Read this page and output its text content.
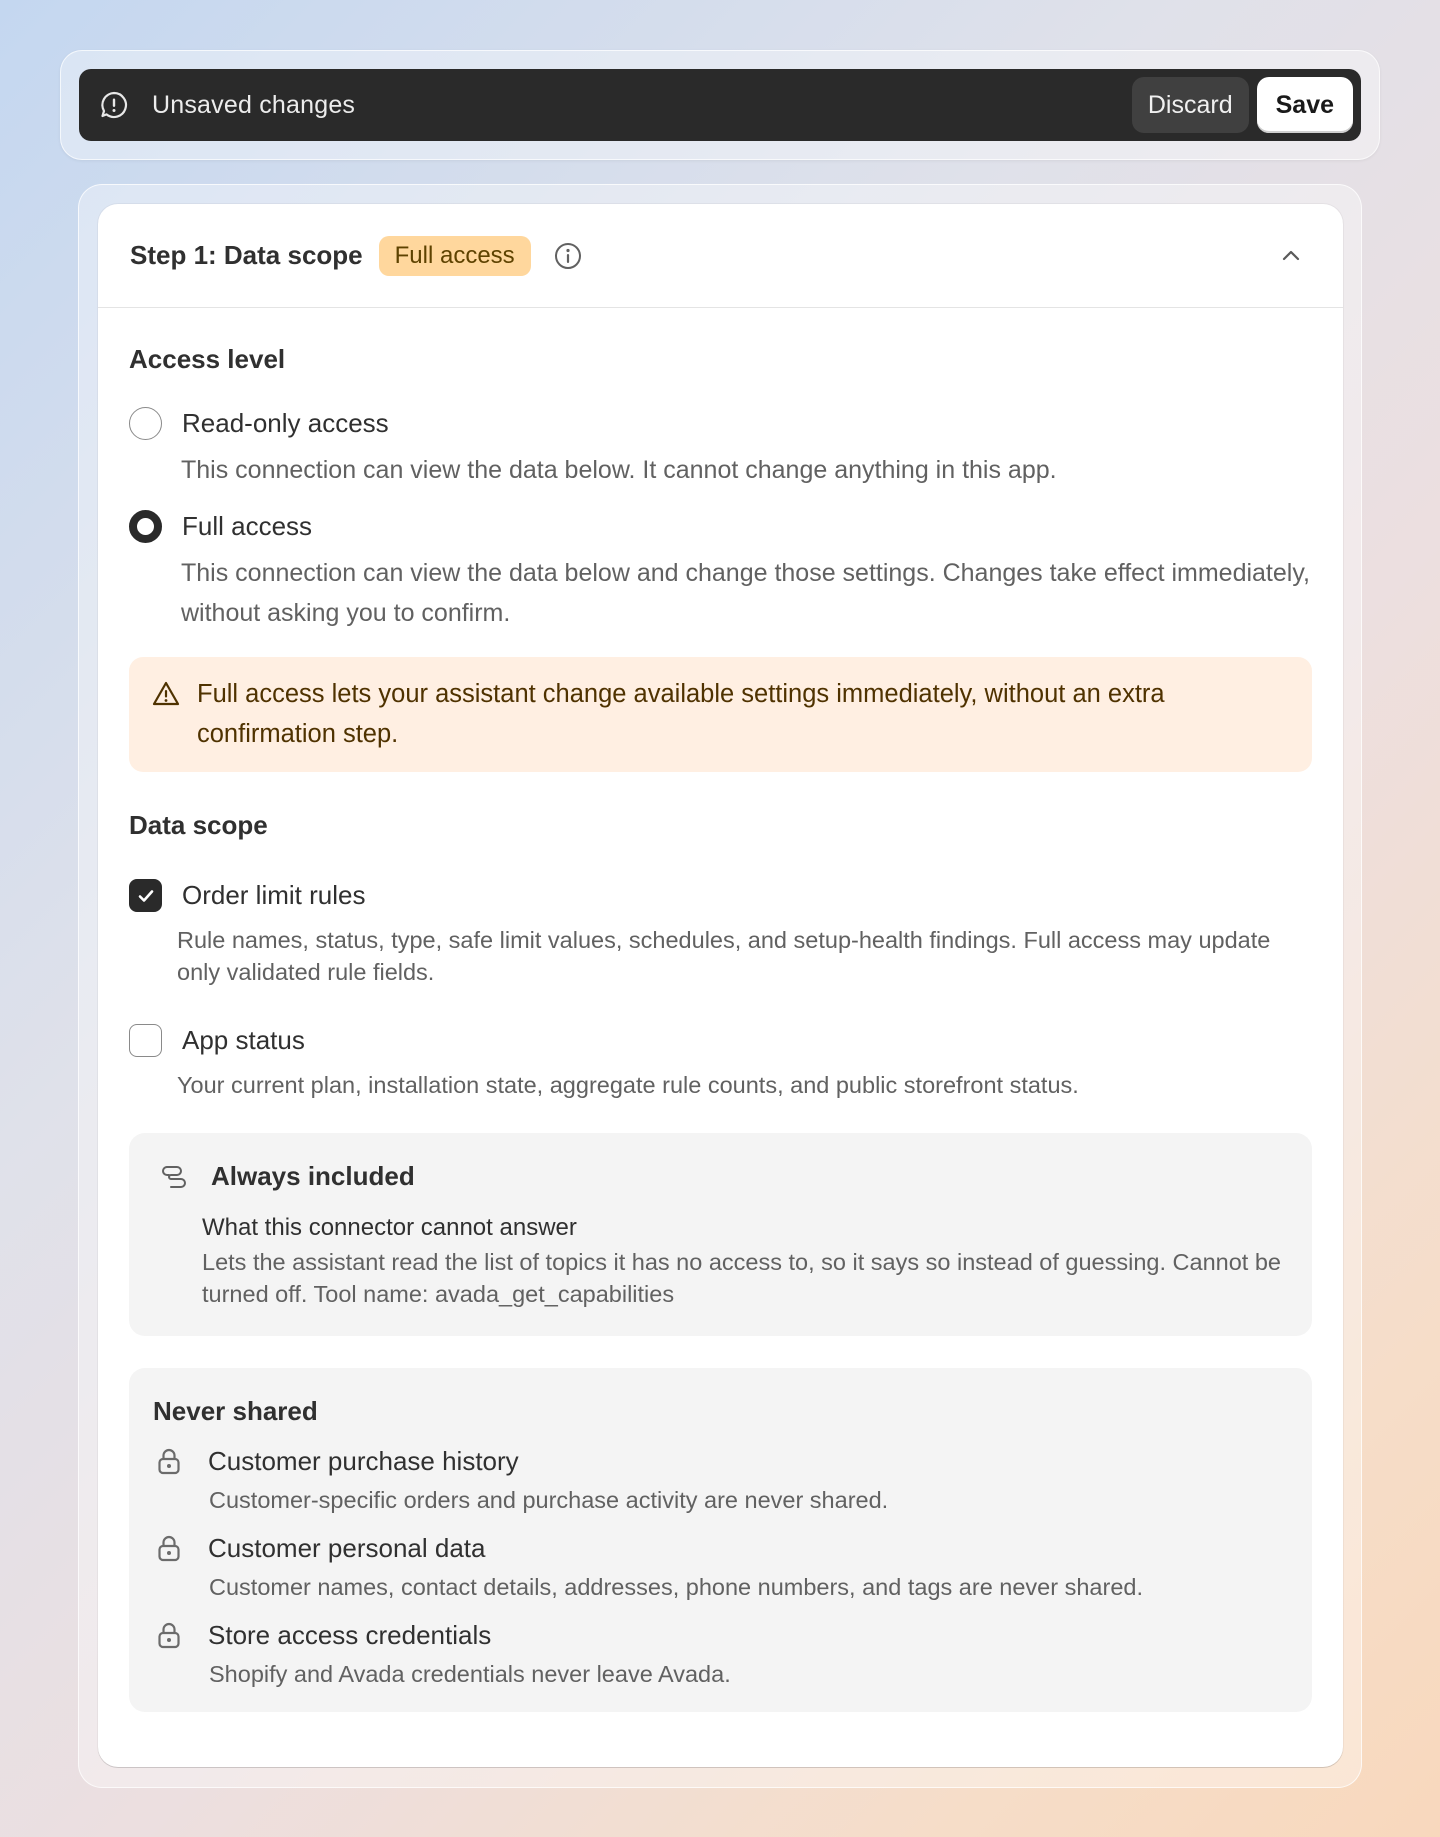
Unsaved changes	Discard	Save
Step 1: Data scope	Full access
Access level
Read-only access
This connection can view the data below. It cannot change anything in this app.
Full access
This connection can view the data below and change those settings. Changes take effect immediately, without asking you to confirm.
Full access lets your assistant change available settings immediately, without an extra confirmation step.
Data scope
Order limit rules
Rule names, status, type, safe limit values, schedules, and setup-health findings. Full access may update only validated rule fields.
App status
Your current plan, installation state, aggregate rule counts, and public storefront status.
Always included
What this connector cannot answer
Lets the assistant read the list of topics it has no access to, so it says so instead of guessing. Cannot be turned off. Tool name: avada_get_capabilities
Never shared
Customer purchase history
Customer-specific orders and purchase activity are never shared.
Customer personal data
Customer names, contact details, addresses, phone numbers, and tags are never shared.
Store access credentials
Shopify and Avada credentials never leave Avada.
